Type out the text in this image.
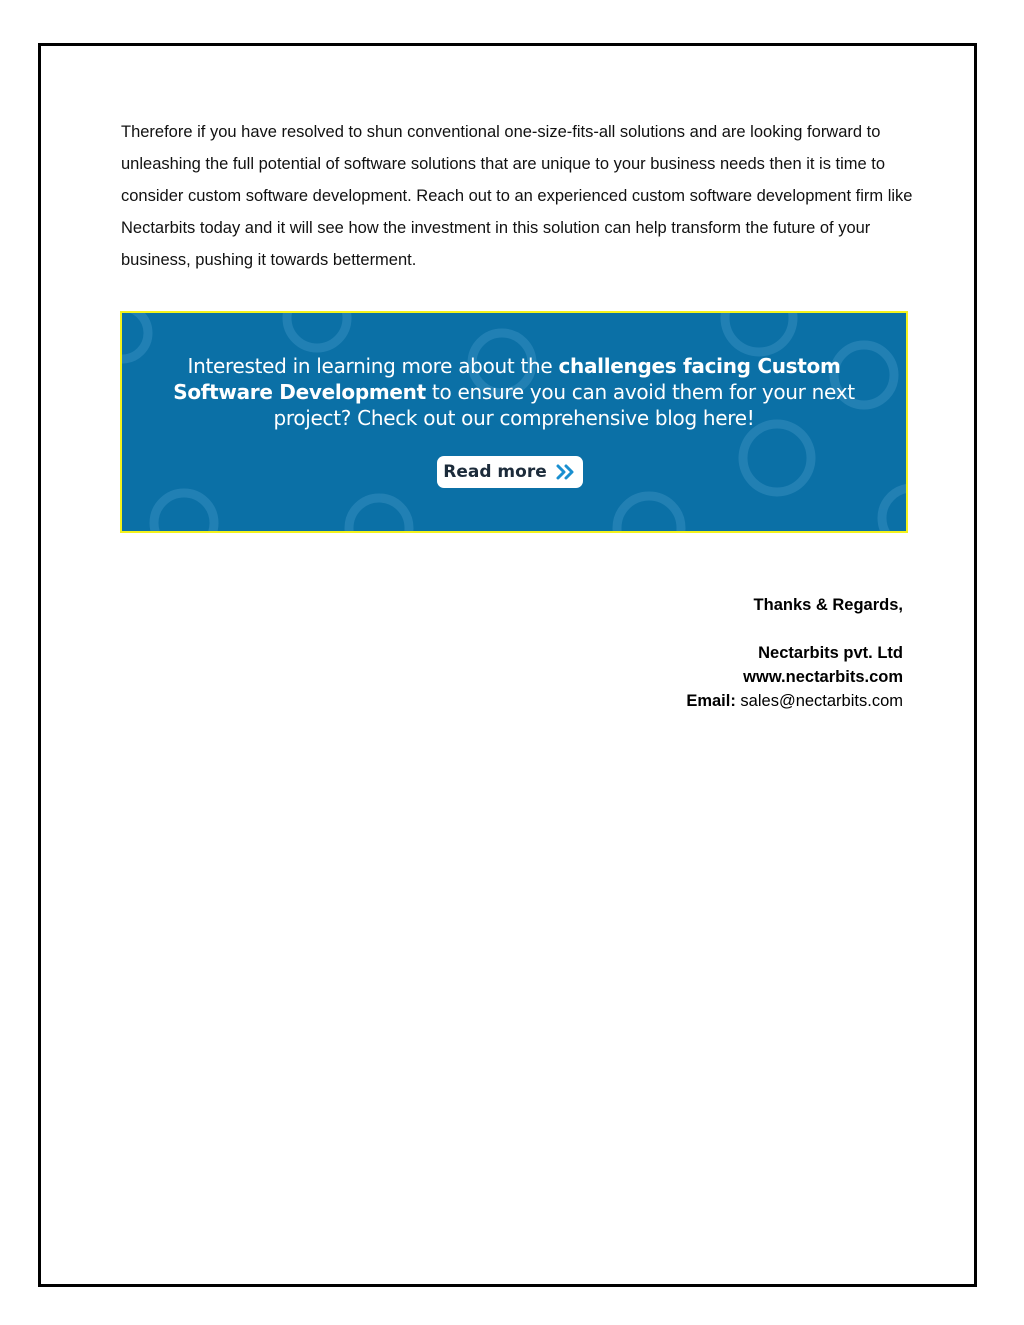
Therefore if you have resolved to shun conventional one-size-fits-all solutions and are looking forward to unleashing the full potential of software solutions that are unique to your business needs then it is time to consider custom software development. Reach out to an experienced custom software development firm like Nectarbits today and it will see how the investment in this solution can help transform the future of your business, pushing it towards betterment.

Interested in learning more about the challenges facing Custom Software Development to ensure you can avoid them for your next project? Check out our comprehensive blog here!
Read more
Thanks & Regards,
Nectarbits pvt. Ltd
www.nectarbits.com
Email: sales@nectarbits.com
